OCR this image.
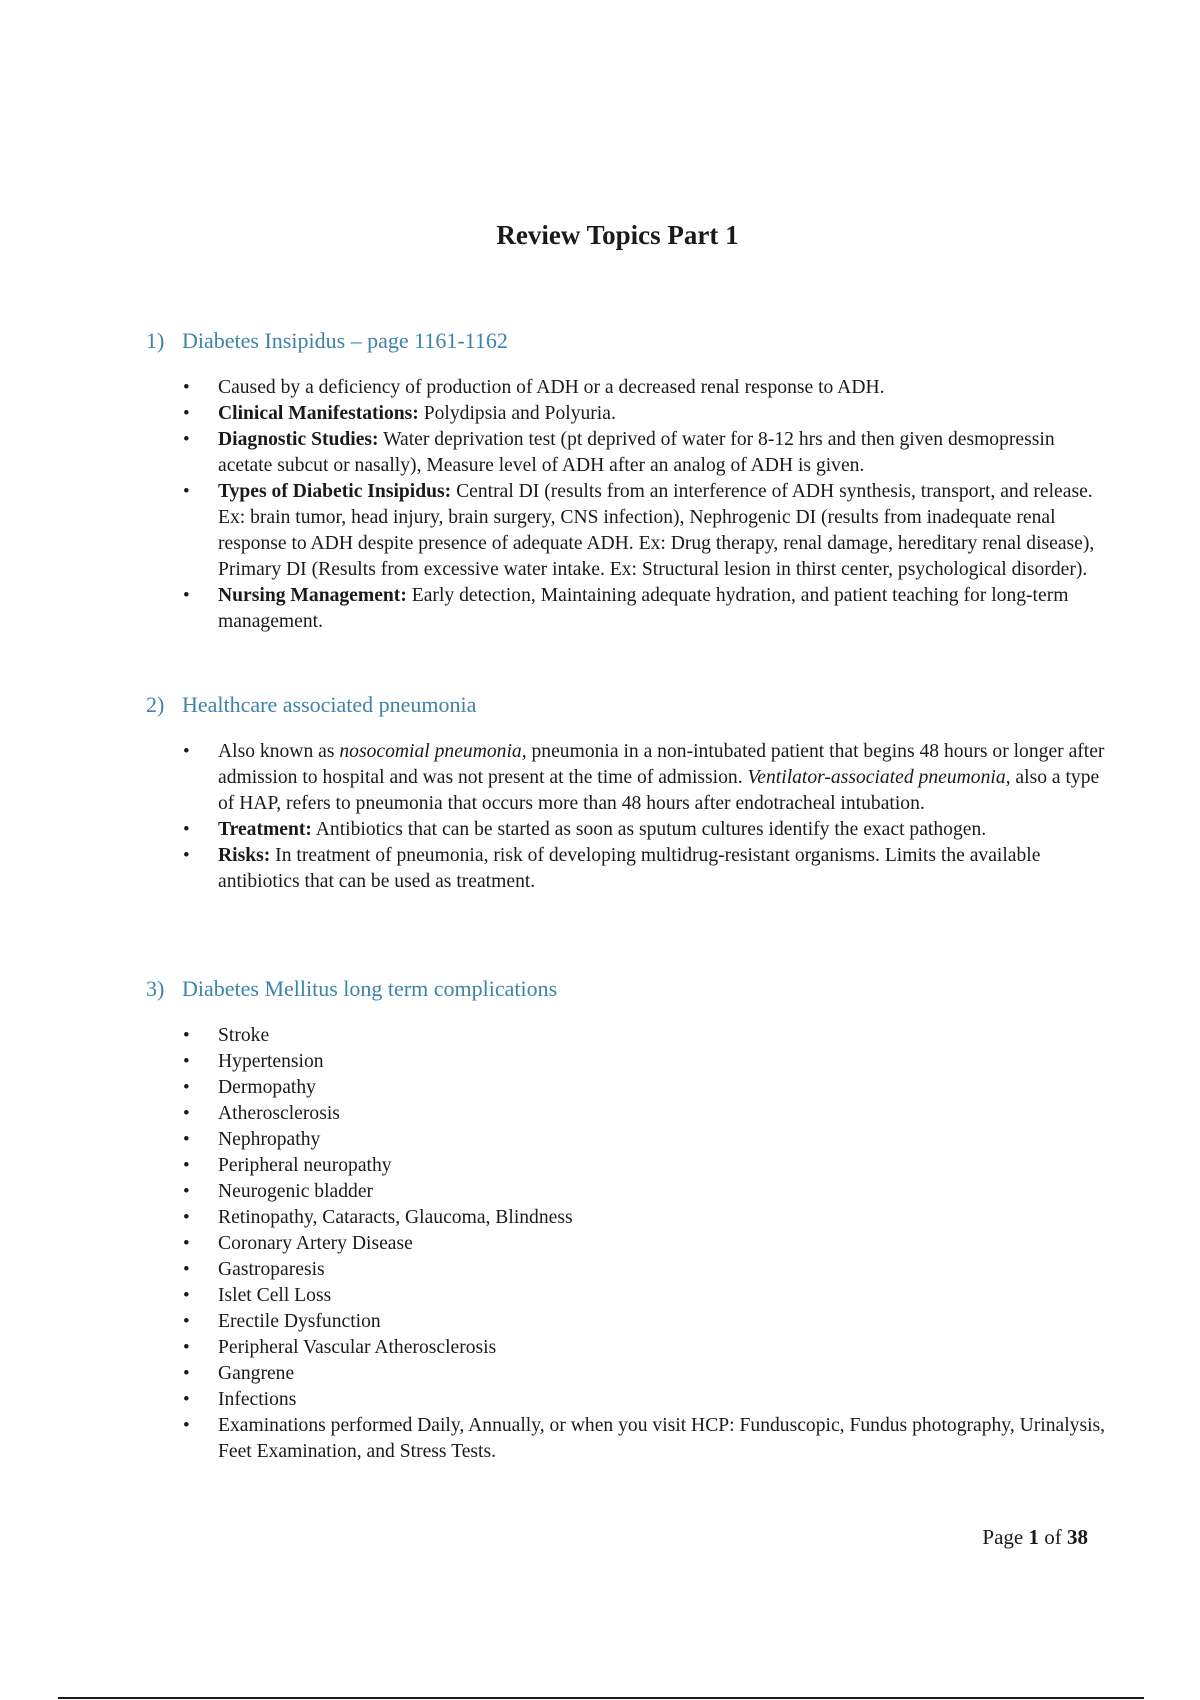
Review Topics Part 1
1) Diabetes Insipidus – page 1161-1162
• Caused by a deficiency of production of ADH or a decreased renal response to ADH.
• Clinical Manifestations: Polydipsia and Polyuria.
• Diagnostic Studies: Water deprivation test (pt deprived of water for 8-12 hrs and then given desmopressin acetate subcut or nasally), Measure level of ADH after an analog of ADH is given.
• Types of Diabetic Insipidus: Central DI (results from an interference of ADH synthesis, transport, and release. Ex: brain tumor, head injury, brain surgery, CNS infection), Nephrogenic DI (results from inadequate renal response to ADH despite presence of adequate ADH. Ex: Drug therapy, renal damage, hereditary renal disease), Primary DI (Results from excessive water intake. Ex: Structural lesion in thirst center, psychological disorder).
• Nursing Management: Early detection, Maintaining adequate hydration, and patient teaching for long-term management.
2) Healthcare associated pneumonia
• Also known as nosocomial pneumonia, pneumonia in a non-intubated patient that begins 48 hours or longer after admission to hospital and was not present at the time of admission. Ventilator-associated pneumonia, also a type of HAP, refers to pneumonia that occurs more than 48 hours after endotracheal intubation.
• Treatment: Antibiotics that can be started as soon as sputum cultures identify the exact pathogen.
• Risks: In treatment of pneumonia, risk of developing multidrug-resistant organisms. Limits the available antibiotics that can be used as treatment.
3) Diabetes Mellitus long term complications
• Stroke
• Hypertension
• Dermopathy
• Atherosclerosis
• Nephropathy
• Peripheral neuropathy
• Neurogenic bladder
• Retinopathy, Cataracts, Glaucoma, Blindness
• Coronary Artery Disease
• Gastroparesis
• Islet Cell Loss
• Erectile Dysfunction
• Peripheral Vascular Atherosclerosis
• Gangrene
• Infections
• Examinations performed Daily, Annually, or when you visit HCP: Funduscopic, Fundus photography, Urinalysis, Feet Examination, and Stress Tests.
Page 1 of 38
